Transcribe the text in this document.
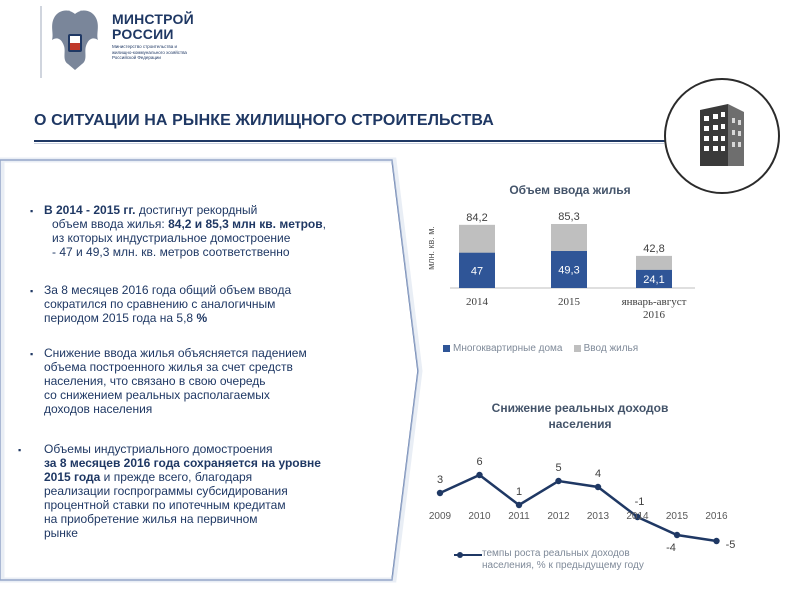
МИНСТРОЙ
РОССИИ
Министерство строительства и жилищно-коммунального хозяйства Российской Федерации
О СИТУАЦИИ НА РЫНКЕ ЖИЛИЩНОГО СТРОИТЕЛЬСТВА
▪ В 2014 - 2015 гг. достигнут рекордный
объем ввода жилья: 84,2 и 85,3 млн кв. метров,
из которых индустриальное домостроение
- 47 и 49,3 млн. кв. метров соответственно
▪ За 8 месяцев 2016 года общий объем ввода
сократился по сравнению с аналогичным
периодом 2015 года на 5,8 %
▪ Снижение ввода жилья объясняется падением
объема построенного жилья за счет средств
населения, что связано в свою очередь
со снижением реальных располагаемых
доходов населения
▪ Объемы индустриального домостроения
за 8 месяцев 2016 года сохраняется на уровне
2015 года и прежде всего, благодаря
реализации госпрограммы субсидирования
процентной ставки по ипотечным кредитам
на приобретение жилья на первичном
рынке
Объем ввода жилья
млн. кв. м.
84,2
47
2014
85,3
49,3
2015
42,8
24,1
январь-август
2016
Многоквартирные дома Ввод жилья
Снижение реальных доходов
населения
3
2009
6
2010
1
2011
5
2012
4
2013
-1
2014
-4
2015
-5
2016
темпы роста реальных доходов
населения, % к предыдущему году
